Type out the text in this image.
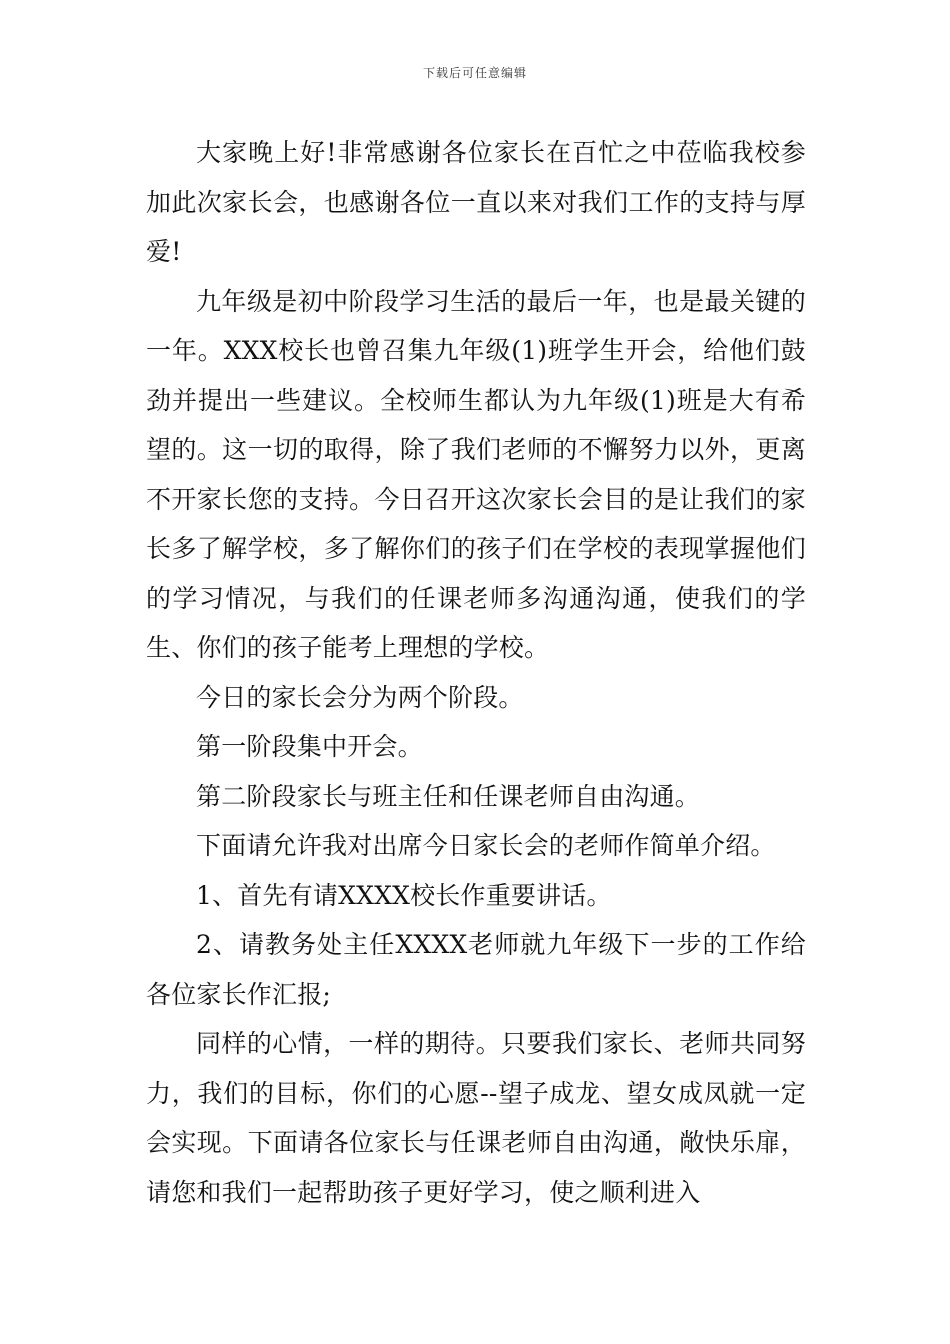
下载后可任意编辑

大家晚上好!非常感谢各位家长在百忙之中莅临我校参加此次家长会，也感谢各位一直以来对我们工作的支持与厚爱!

九年级是初中阶段学习生活的最后一年，也是最关键的一年。XXX校长也曾召集九年级(1)班学生开会，给他们鼓劲并提出一些建议。全校师生都认为九年级(1)班是大有希望的。这一切的取得，除了我们老师的不懈努力以外，更离不开家长您的支持。今日召开这次家长会目的是让我们的家长多了解学校，多了解你们的孩子们在学校的表现掌握他们的学习情况，与我们的任课老师多沟通沟通，使我们的学生、你们的孩子能考上理想的学校。

今日的家长会分为两个阶段。

第一阶段集中开会。

第二阶段家长与班主任和任课老师自由沟通。

下面请允许我对出席今日家长会的老师作简单介绍。

1、首先有请XXXX校长作重要讲话。

2、请教务处主任XXXX老师就九年级下一步的工作给各位家长作汇报;

同样的心情，一样的期待。只要我们家长、老师共同努力，我们的目标，你们的心愿--望子成龙、望女成凤就一定会实现。下面请各位家长与任课老师自由沟通，敞快乐扉，请您和我们一起帮助孩子更好学习，使之顺利进入
